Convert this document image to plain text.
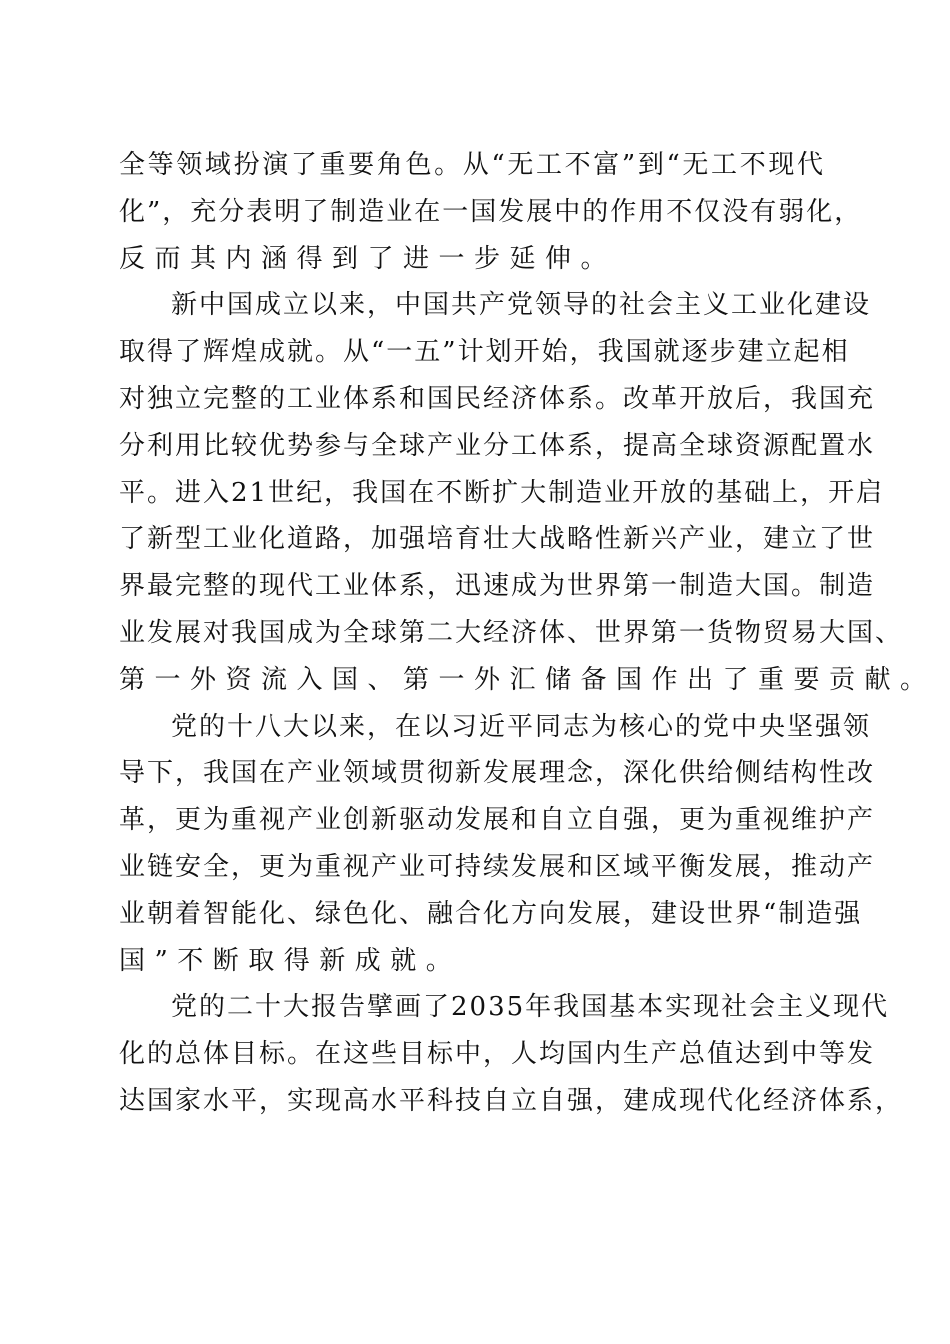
全等领域扮演了重要角色。从“无工不富”到“无工不现代
化”，充分表明了制造业在一国发展中的作用不仅没有弱化，
反而其内涵得到了进一步延伸。
新中国成立以来，中国共产党领导的社会主义工业化建设
取得了辉煌成就。从“一五”计划开始，我国就逐步建立起相
对独立完整的工业体系和国民经济体系。改革开放后，我国充
分利用比较优势参与全球产业分工体系，提高全球资源配置水
平。进入21世纪，我国在不断扩大制造业开放的基础上，开启
了新型工业化道路，加强培育壮大战略性新兴产业，建立了世
界最完整的现代工业体系，迅速成为世界第一制造大国。制造
业发展对我国成为全球第二大经济体、世界第一货物贸易大国、
第一外资流入国、第一外汇储备国作出了重要贡献。
党的十八大以来，在以习近平同志为核心的党中央坚强领
导下，我国在产业领域贯彻新发展理念，深化供给侧结构性改
革，更为重视产业创新驱动发展和自立自强，更为重视维护产
业链安全，更为重视产业可持续发展和区域平衡发展，推动产
业朝着智能化、绿色化、融合化方向发展，建设世界“制造强
国”不断取得新成就。
党的二十大报告擘画了2035年我国基本实现社会主义现代
化的总体目标。在这些目标中，人均国内生产总值达到中等发
达国家水平，实现高水平科技自立自强，建成现代化经济体系，
